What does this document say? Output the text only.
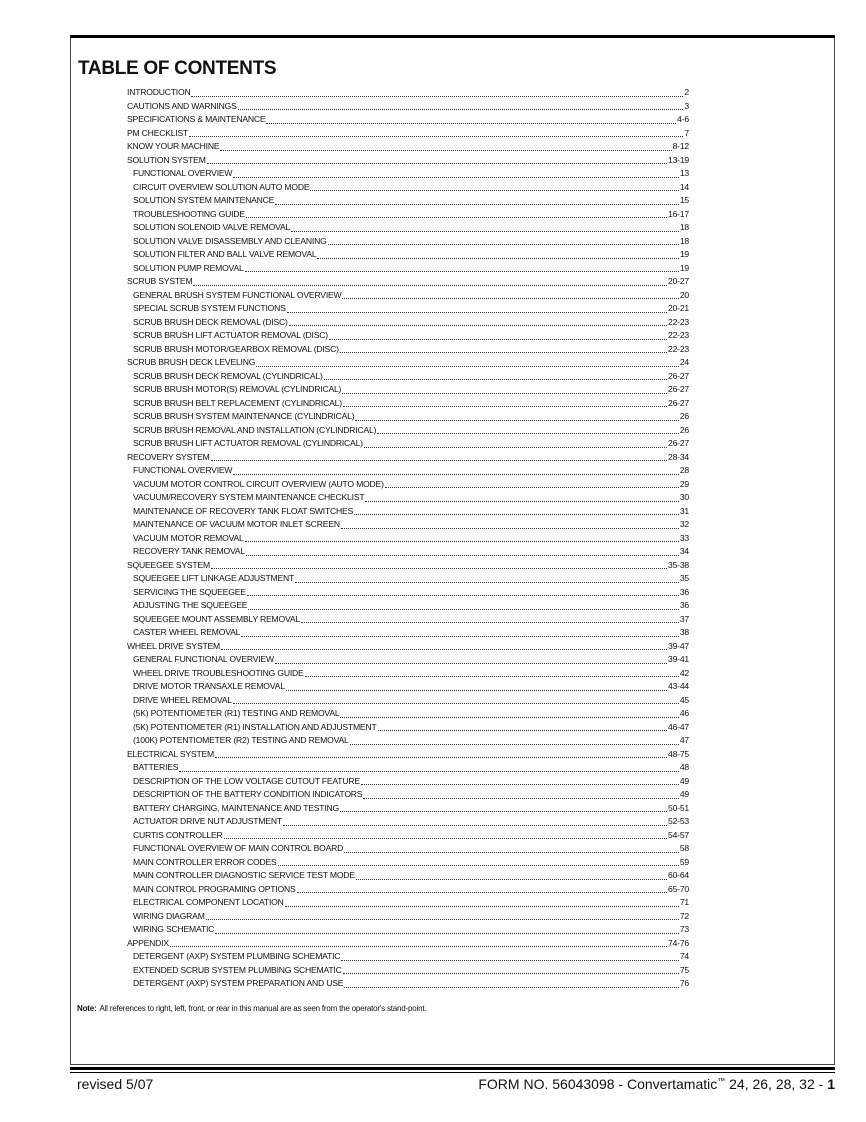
TABLE OF CONTENTS
INTRODUCTION	2
CAUTIONS AND WARNINGS	3
SPECIFICATIONS & MAINTENANCE	4-6
PM CHECKLIST	7
KNOW YOUR MACHINE	8-12
SOLUTION SYSTEM	13-19
FUNCTIONAL OVERVIEW	13
CIRCUIT OVERVIEW SOLUTION AUTO MODE	14
SOLUTION SYSTEM MAINTENANCE	15
TROUBLESHOOTING GUIDE	16-17
SOLUTION SOLENOID VALVE REMOVAL	18
SOLUTION VALVE DISASSEMBLY AND CLEANING	18
SOLUTION FILTER AND BALL VALVE REMOVAL	19
SOLUTION PUMP REMOVAL	19
SCRUB SYSTEM	20-27
GENERAL BRUSH SYSTEM FUNCTIONAL OVERVIEW	20
SPECIAL SCRUB SYSTEM FUNCTIONS	20-21
SCRUB BRUSH DECK REMOVAL (DISC)	22-23
SCRUB BRUSH LIFT ACTUATOR REMOVAL (DISC)	22-23
SCRUB BRUSH MOTOR/GEARBOX REMOVAL (DISC)	22-23
SCRUB BRUSH DECK LEVELING	24
SCRUB BRUSH DECK REMOVAL (CYLINDRICAL)	26-27
SCRUB BRUSH MOTOR(S) REMOVAL (CYLINDRICAL)	26-27
SCRUB BRUSH BELT REPLACEMENT (CYLINDRICAL)	26-27
SCRUB BRUSH SYSTEM MAINTENANCE (CYLINDRICAL)	26
SCRUB BRUSH REMOVAL AND INSTALLATION (CYLINDRICAL)	26
SCRUB BRUSH LIFT ACTUATOR REMOVAL (CYLINDRICAL)	26-27
RECOVERY SYSTEM	28-34
FUNCTIONAL OVERVIEW	28
VACUUM MOTOR CONTROL CIRCUIT OVERVIEW (AUTO MODE)	29
VACUUM/RECOVERY SYSTEM MAINTENANCE CHECKLIST	30
MAINTENANCE OF RECOVERY TANK FLOAT SWITCHES	31
MAINTENANCE OF VACUUM MOTOR INLET SCREEN	32
VACUUM MOTOR REMOVAL	33
RECOVERY TANK REMOVAL	34
SQUEEGEE SYSTEM	35-38
SQUEEGEE LIFT LINKAGE ADJUSTMENT	35
SERVICING THE SQUEEGEE	36
ADJUSTING THE SQUEEGEE	36
SQUEEGEE MOUNT ASSEMBLY REMOVAL	37
CASTER WHEEL REMOVAL	38
WHEEL DRIVE SYSTEM	39-47
GENERAL FUNCTIONAL OVERVIEW	39-41
WHEEL DRIVE TROUBLESHOOTING GUIDE	42
DRIVE MOTOR TRANSAXLE REMOVAL	43-44
DRIVE WHEEL REMOVAL	45
(5K) POTENTIOMETER (R1) TESTING AND REMOVAL	46
(5K) POTENTIOMETER (R1) INSTALLATION AND ADJUSTMENT	46-47
(100K) POTENTIOMETER (R2) TESTING AND REMOVAL	47
ELECTRICAL SYSTEM	48-75
BATTERIES	48
DESCRIPTION OF THE LOW VOLTAGE CUTOUT FEATURE	49
DESCRIPTION OF THE BATTERY CONDITION INDICATORS	49
BATTERY CHARGING, MAINTENANCE AND TESTING	50-51
ACTUATOR DRIVE NUT ADJUSTMENT	52-53
CURTIS CONTROLLER	54-57
FUNCTIONAL OVERVIEW OF MAIN CONTROL BOARD	58
MAIN CONTROLLER ERROR CODES	59
MAIN CONTROLLER DIAGNOSTIC SERVICE TEST MODE	60-64
MAIN CONTROL PROGRAMING OPTIONS	65-70
ELECTRICAL COMPONENT LOCATION	71
WIRING DIAGRAM	72
WIRING SCHEMATIC	73
APPENDIX	74-76
DETERGENT (AXP) SYSTEM PLUMBING SCHEMATIC	74
EXTENDED SCRUB SYSTEM PLUMBING SCHEMATIC	75
DETERGENT (AXP) SYSTEM PREPARATION AND USE	76
Note: All references to right, left, front, or rear in this manual are as seen from the operator's stand-point.
revised 5/07	FORM NO. 56043098 - Convertamatic™ 24, 26, 28, 32 - 1
